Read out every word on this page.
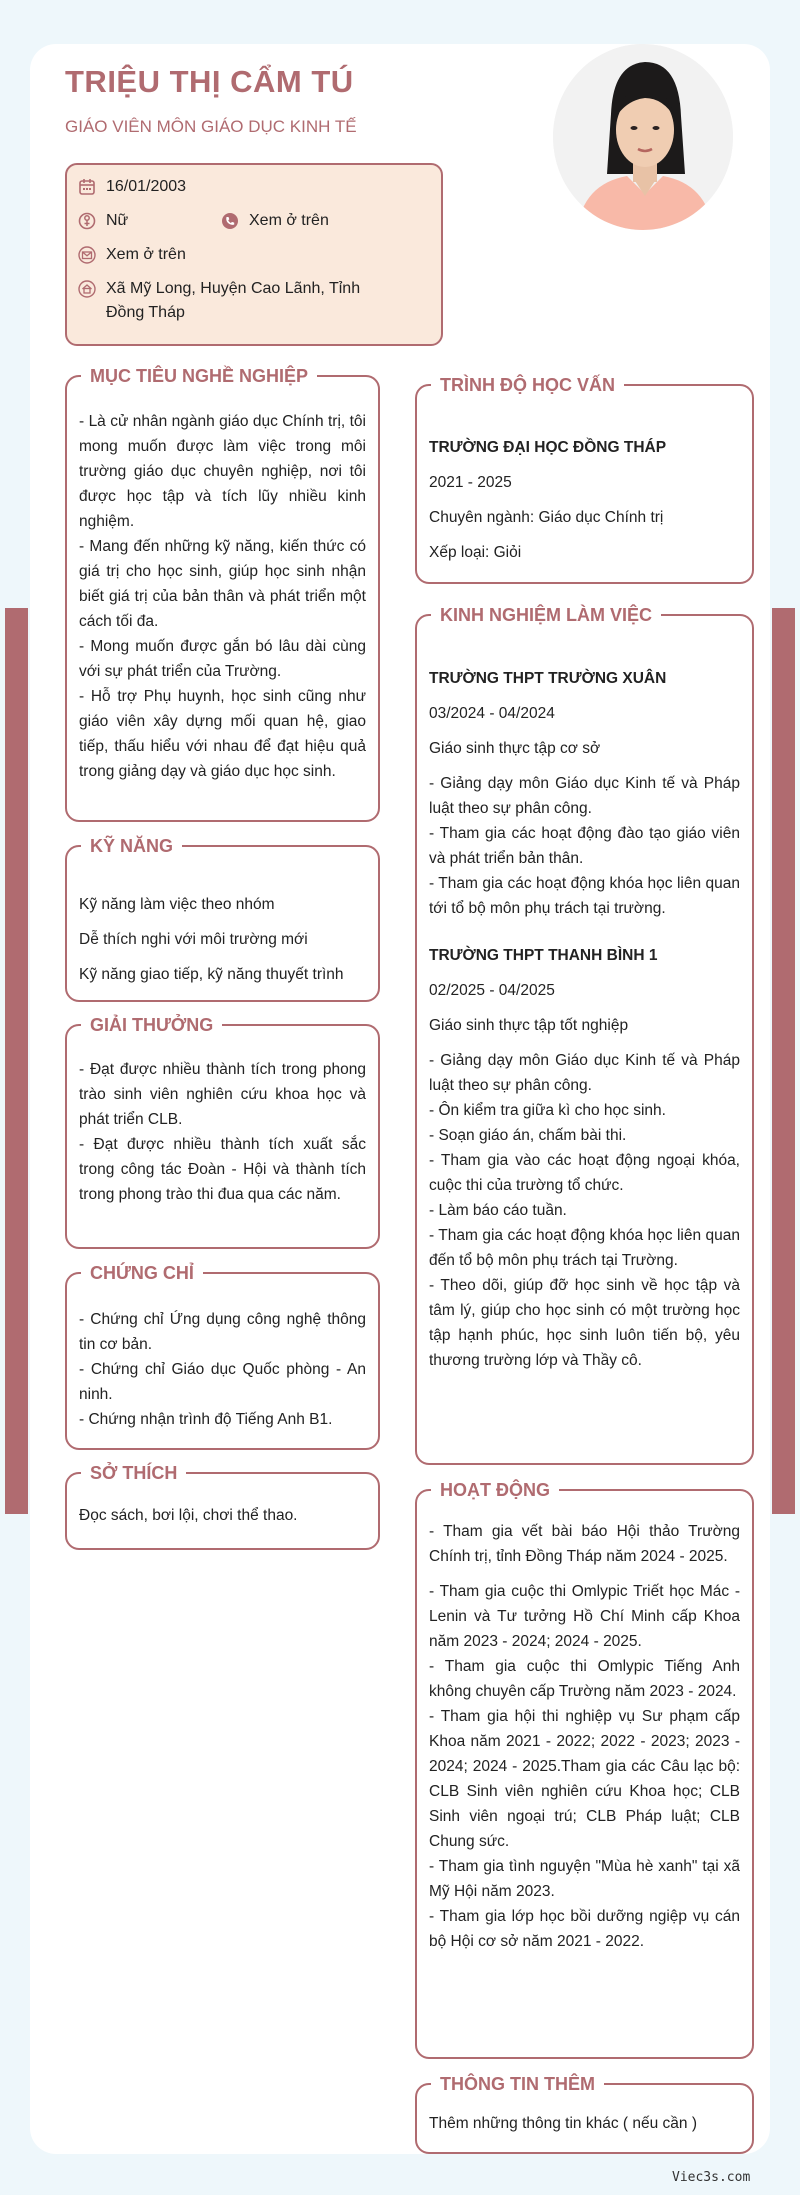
TRIỆU THỊ CẨM TÚ

GIÁO VIÊN MÔN GIÁO DỤC KINH TẾ

16/01/2003
Nữ	Xem ở trên
Xem ở trên
Xã Mỹ Long, Huyện Cao Lãnh, Tỉnh Đồng Tháp
MỤC TIÊU NGHỀ NGHIỆP

- Là cử nhân ngành giáo dục Chính trị, tôi mong muốn được làm việc trong môi trường giáo dục chuyên nghiệp, nơi tôi được học tập và tích lũy nhiều kinh nghiệm.
- Mang đến những kỹ năng, kiến thức có giá trị cho học sinh, giúp học sinh nhận biết giá trị của bản thân và phát triển một cách tối đa.
- Mong muốn được gắn bó lâu dài cùng với sự phát triển của Trường.
- Hỗ trợ Phụ huynh, học sinh cũng như giáo viên xây dựng mối quan hệ, giao tiếp, thấu hiểu với nhau để đạt hiệu quả trong giảng dạy và giáo dục học sinh.

KỸ NĂNG

Kỹ năng làm việc theo nhóm

Dễ thích nghi với môi trường mới

Kỹ năng giao tiếp, kỹ năng thuyết trình

GIẢI THƯỞNG

- Đạt được nhiều thành tích trong phong trào sinh viên nghiên cứu khoa học và phát triển CLB.
- Đạt được nhiều thành tích xuất sắc trong công tác Đoàn - Hội và thành tích trong phong trào thi đua qua các năm.

CHỨNG CHỈ

- Chứng chỉ Ứng dụng công nghệ thông tin cơ bản.
- Chứng chỉ Giáo dục Quốc phòng - An ninh.
- Chứng nhận trình độ Tiếng Anh B1.

SỞ THÍCH

Đọc sách, bơi lội, chơi thể thao.

TRÌNH ĐỘ HỌC VẤN

TRƯỜNG ĐẠI HỌC ĐỒNG THÁP

2021 - 2025

Chuyên ngành: Giáo dục Chính trị

Xếp loại: Giỏi

KINH NGHIỆM LÀM VIỆC

TRƯỜNG THPT TRƯỜNG XUÂN

03/2024 - 04/2024

Giáo sinh thực tập cơ sở

- Giảng dạy môn Giáo dục Kinh tế và Pháp luật theo sự phân công.
- Tham gia các hoạt động đào tạo giáo viên và phát triển bản thân.
- Tham gia các hoạt động khóa học liên quan tới tổ bộ môn phụ trách tại trường.

TRƯỜNG THPT THANH BÌNH 1

02/2025 - 04/2025

Giáo sinh thực tập tốt nghiệp

- Giảng dạy môn Giáo dục Kinh tế và Pháp luật theo sự phân công.
- Ôn kiểm tra giữa kì cho học sinh.
- Soạn giáo án, chấm bài thi.
- Tham gia vào các hoạt động ngoại khóa, cuộc thi của trường tổ chức.
- Làm báo cáo tuần.
- Tham gia các hoạt động khóa học liên quan đến tổ bộ môn phụ trách tại Trường.
- Theo dõi, giúp đỡ học sinh về học tập và tâm lý, giúp cho học sinh có một trường học tập hạnh phúc, học sinh luôn tiến bộ, yêu thương trường lớp và Thầy cô.

HOẠT ĐỘNG

- Tham gia vết bài báo Hội thảo Trường Chính trị, tỉnh Đồng Tháp năm 2024 - 2025.

- Tham gia cuộc thi Omlypic Triết học Mác - Lenin và Tư tưởng Hồ Chí Minh cấp Khoa năm 2023 - 2024; 2024 - 2025.
- Tham gia cuộc thi Omlypic Tiếng Anh không chuyên cấp Trường năm 2023 - 2024.
- Tham gia hội thi nghiệp vụ Sư phạm cấp Khoa năm 2021 - 2022; 2022 - 2023; 2023 - 2024; 2024 - 2025.Tham gia các Câu lạc bộ: CLB Sinh viên nghiên cứu Khoa học; CLB Sinh viên ngoại trú; CLB Pháp luật; CLB Chung sức.
- Tham gia tình nguyện "Mùa hè xanh" tại xã Mỹ Hội năm 2023.
- Tham gia lớp học bồi dưỡng ngiệp vụ cán bộ Hội cơ sở năm 2021 - 2022.

THÔNG TIN THÊM

Thêm những thông tin khác ( nếu cần )

Viec3s.com
